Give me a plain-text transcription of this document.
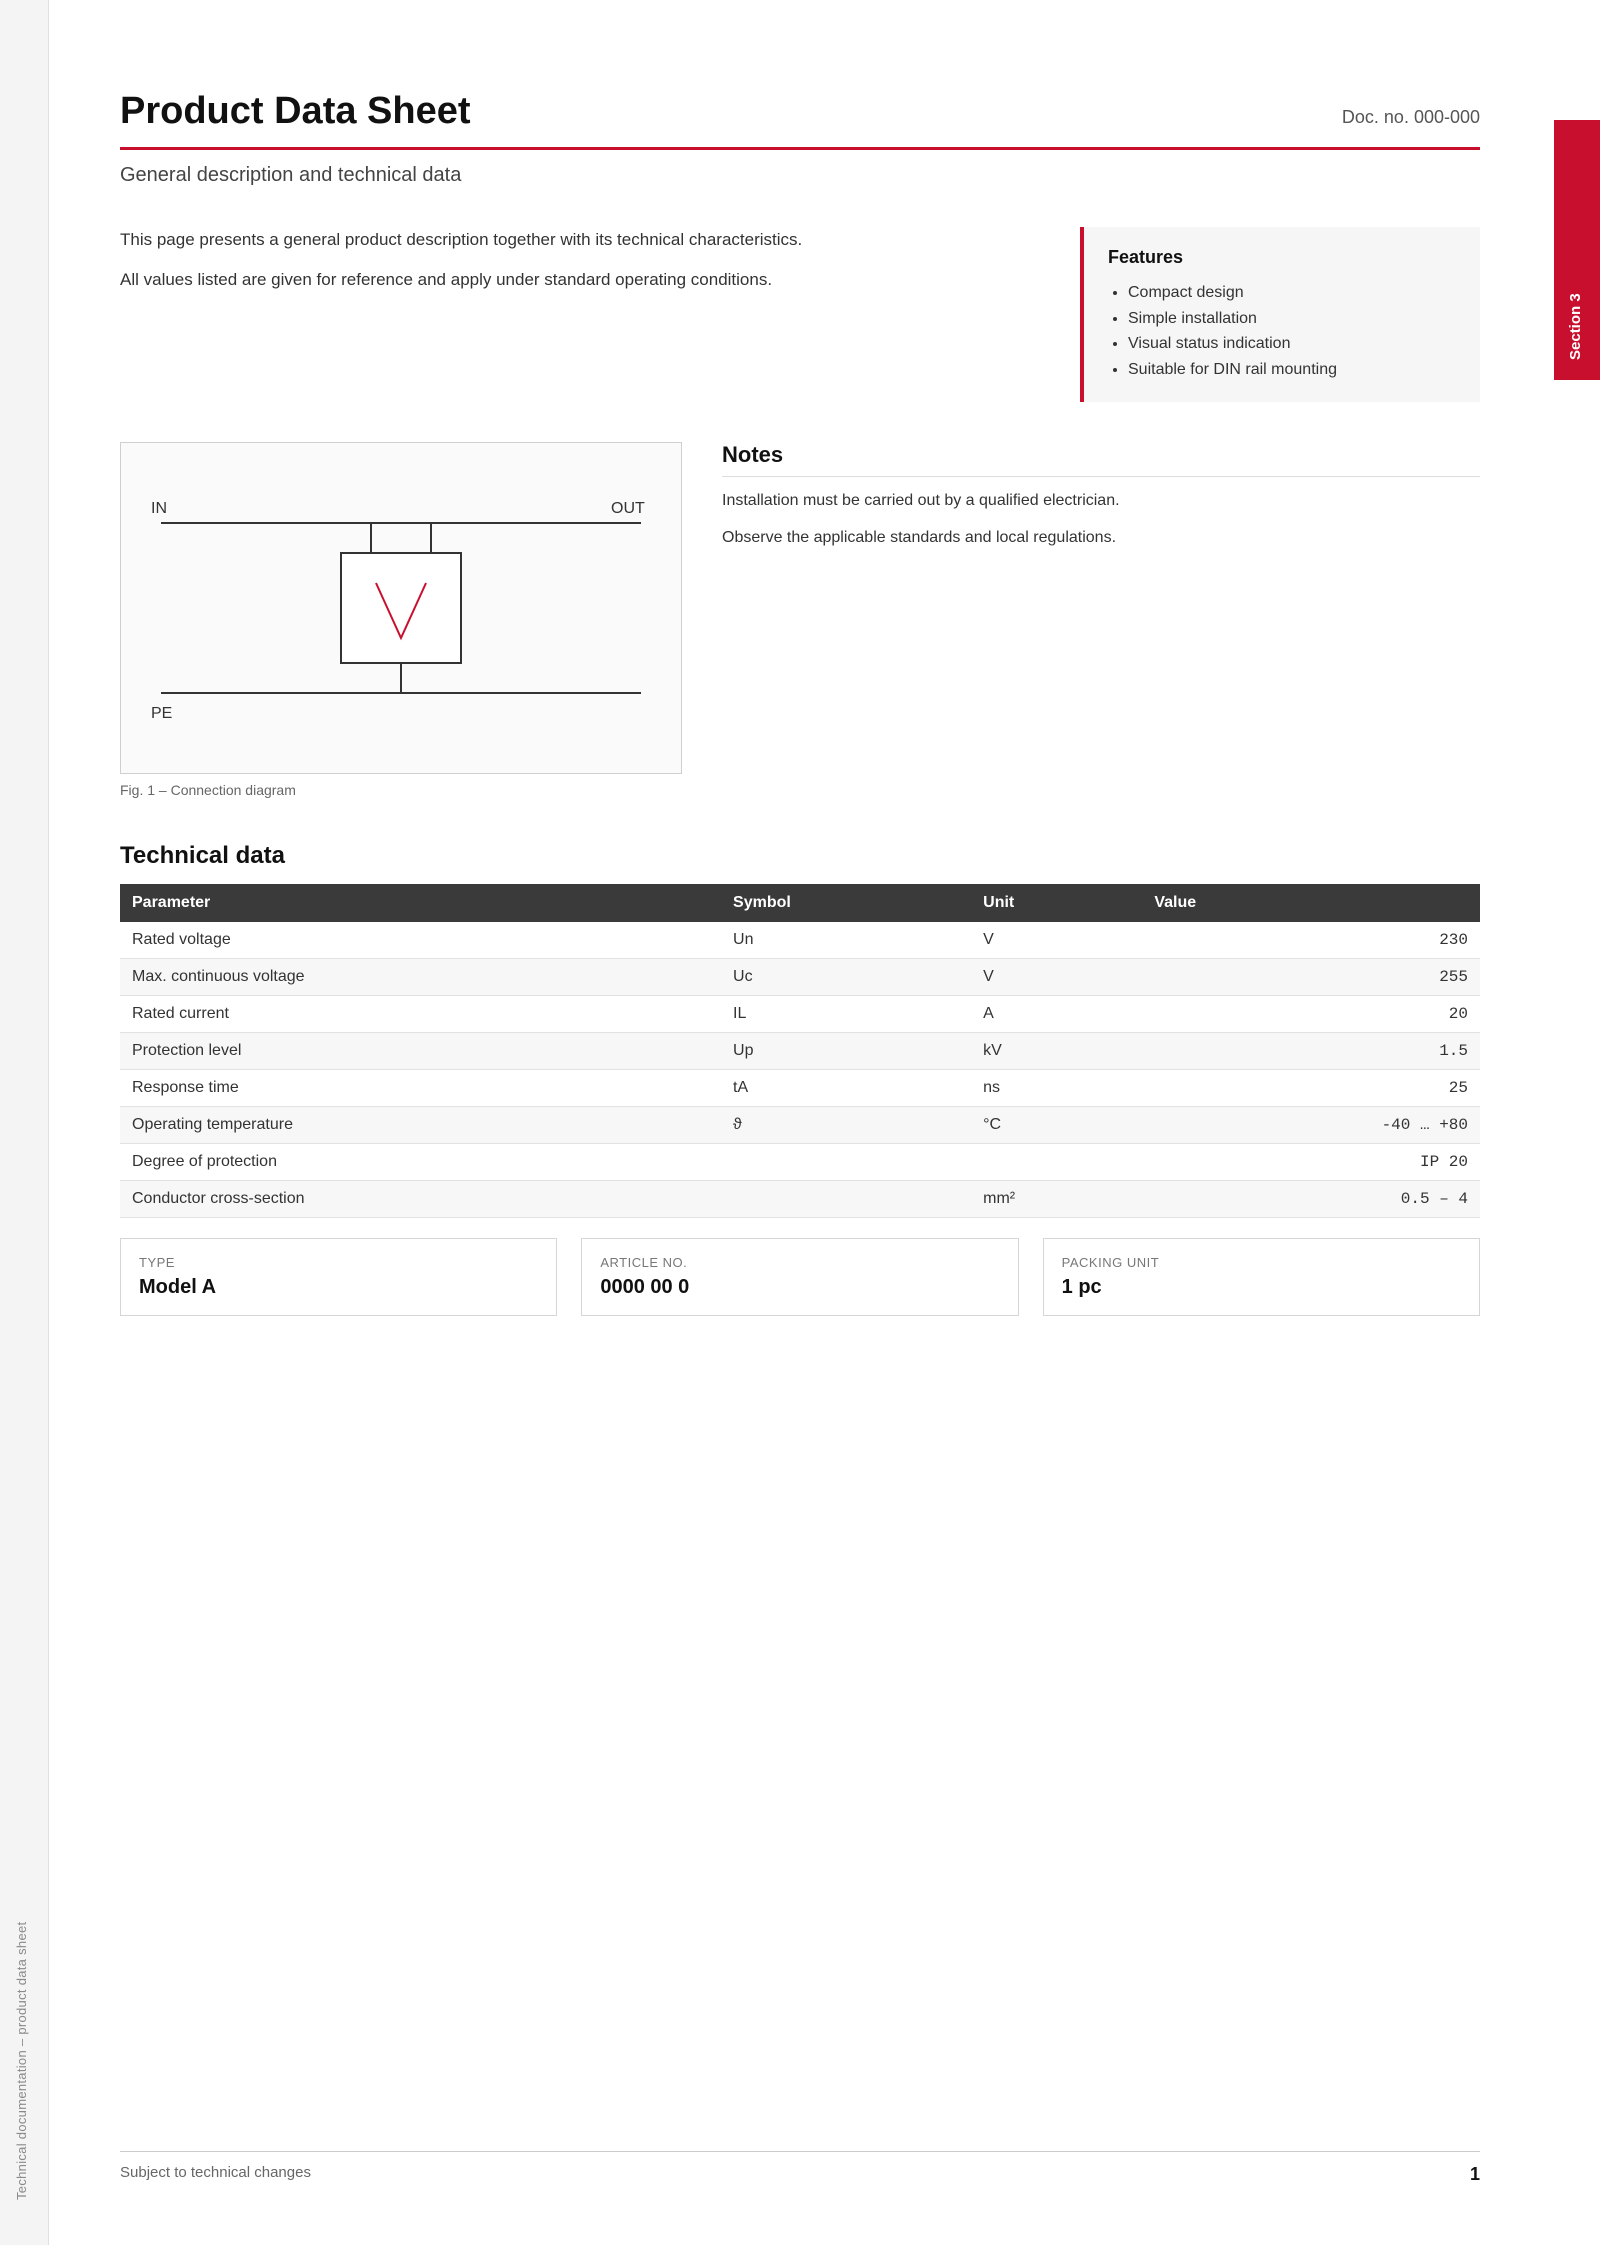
Technical documentation – product data sheet
Section 3
Product Data Sheet	Doc. no. 000-000
General description and technical data

This page presents a general product description together with its technical characteristics.

All values listed are given for reference and apply under standard operating conditions.

Features
• Compact design
• Simple installation
• Visual status indication
• Suitable for DIN rail mounting
IN	OUT
PE
Fig. 1 – Connection diagram
Notes

Installation must be carried out by a qualified electrician.

Observe the applicable standards and local regulations.

Technical data
Parameter	Symbol	Unit	Value
Rated voltage	Un	V	230
Max. continuous voltage	Uc	V	255
Rated current	IL	A	20
Protection level	Up	kV	1.5
Response time	tA	ns	25
Operating temperature	ϑ	°C	-40 … +80
Degree of protection			IP 20
Conductor cross-section		mm²	0.5 – 4
TYPE
Model A
ARTICLE NO.
0000 00 0
PACKING UNIT
1 pc
Subject to technical changes	1
